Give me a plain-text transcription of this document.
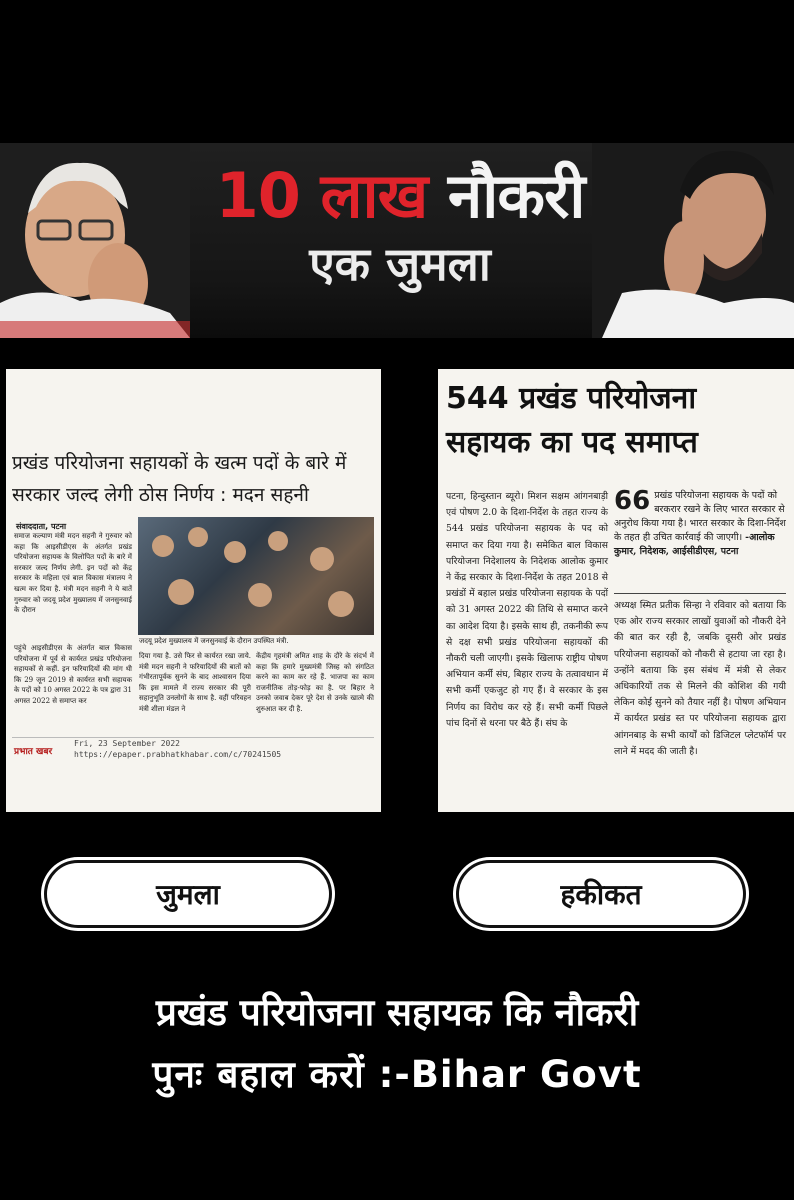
10 लाख नौकरी
एक जुमला
प्रखंड परियोजना सहायकों के खत्म पदों के बारे में सरकार जल्द लेगी ठोस निर्णय : मदन सहनी
संवाददाता, पटना
समाज कल्याण मंत्री मदन सहनी ने गुरुवार को कहा कि आइसीडीएस के अंतर्गत प्रखंड परियोजना सहायक के विलोपित पदों के बारे में सरकार जल्द निर्णय लेगी. इन पदों को केंद्र सरकार के महिला एवं बाल विकास मंत्रालय ने खत्म कर दिया है. मंत्री मदन सहनी ने ये बातें गुरुवार को जदयू प्रदेश मुख्यालय में जनसुनवाई के दौरान
जदयू प्रदेश मुख्यालय में जनसुनवाई के दौरान उपस्थित मंत्री.
पहुंचे आइसीडीएस के अंतर्गत बाल विकास परियोजना में पूर्व से कार्यरत प्रखंड परियोजना सहायकों से कहीं. इन फरियादियों की मांग थी कि 29 जून 2019 से कार्यरत सभी सहायक के पदों को 10 अगस्त 2022 के पत्र द्वारा 31 अगस्त 2022 से समाप्त कर
दिया गया है. उसे फिर से कार्यरत रखा जाये. मंत्री मदन सहनी ने फरियादियों की बातों को गंभीरतापूर्वक सुनने के बाद आश्वासन दिया कि इस मामले में राज्य सरकार की पूरी सहानुभूति उनलोगों के साथ है. वहीं परिवहन मंत्री शीला मंडल ने
केंद्रीय गृहमंत्री अमित शाह के दौरे के संदर्भ में कहा कि हमारे मुख्यमंत्री जिस्ह को संगठित करने का काम कर रहे हैं. भाजपा का काम राजनीतिक तोड़-फोड़ का है. पर बिहार ने उनको जवाब देकर पूरे देश से उनके खात्मे की शुरुआत कर दी है.
प्रभात खबर
Fri, 23 September 2022
https://epaper.prabhatkhabar.com/c/70241505
544 प्रखंड परियोजना
सहायक का पद समाप्त
पटना, हिन्दुस्तान ब्यूरो। मिशन सक्षम आंगनबाड़ी एवं पोषण 2.0 के दिशा-निर्देश के तहत राज्य के 544 प्रखंड परियोजना सहायक के पद को समाप्त कर दिया गया है। समेकित बाल विकास परियोजना निदेशालय के निदेशक आलोक कुमार ने केंद्र सरकार के दिशा-निर्देश के तहत 2018 से प्रखंडों में बहाल प्रखंड परियोजना सहायक के पदों को 31 अगस्त 2022 की तिथि से समाप्त करने का आदेश दिया है। इसके साथ ही, तकनीकी रूप से दक्ष सभी प्रखंड परियोजना सहायकों की नौकरी चली जाएगी। इसके खिलाफ राष्ट्रीय पोषण अभियान कर्मी संघ, बिहार राज्य के तत्वावधान में सभी कर्मी एकजुट हो गए हैं। वे सरकार के इस निर्णय का विरोध कर रहे हैं। सभी कर्मी पिछले पांच दिनों से धरना पर बैठे हैं। संघ के
66 प्रखंड परियोजना सहायक के पदों को बरकरार रखने के लिए भारत सरकार से अनुरोध किया गया है। भारत सरकार के दिशा-निर्देश के तहत ही उचित कार्रवाई की जाएगी। -आलोक कुमार, निदेशक, आईसीडीएस, पटना
अध्यक्ष स्मित प्रतीक सिन्हा ने रविवार को बताया कि एक ओर राज्य सरकार लाखों युवाओं को नौकरी देने की बात कर रही है, जबकि दूसरी ओर प्रखंड परियोजना सहायकों को नौकरी से हटाया जा रहा है। उन्होंने बताया कि इस संबंध में मंत्री से लेकर अधिकारियों तक से मिलने की कोशिश की गयी लेकिन कोई सुनने को तैयार नहीं है। पोषण अभियान में कार्यरत प्रखंड स्त पर परियोजना सहायक द्वारा आंगनबाड़ के सभी कार्यों को डिजिटल प्लेटफॉर्म पर लाने में मदद की जाती है।
जुमला	हकीकत
प्रखंड परियोजना सहायक कि नौकरी
पुनः बहाल करों :-Bihar Govt
